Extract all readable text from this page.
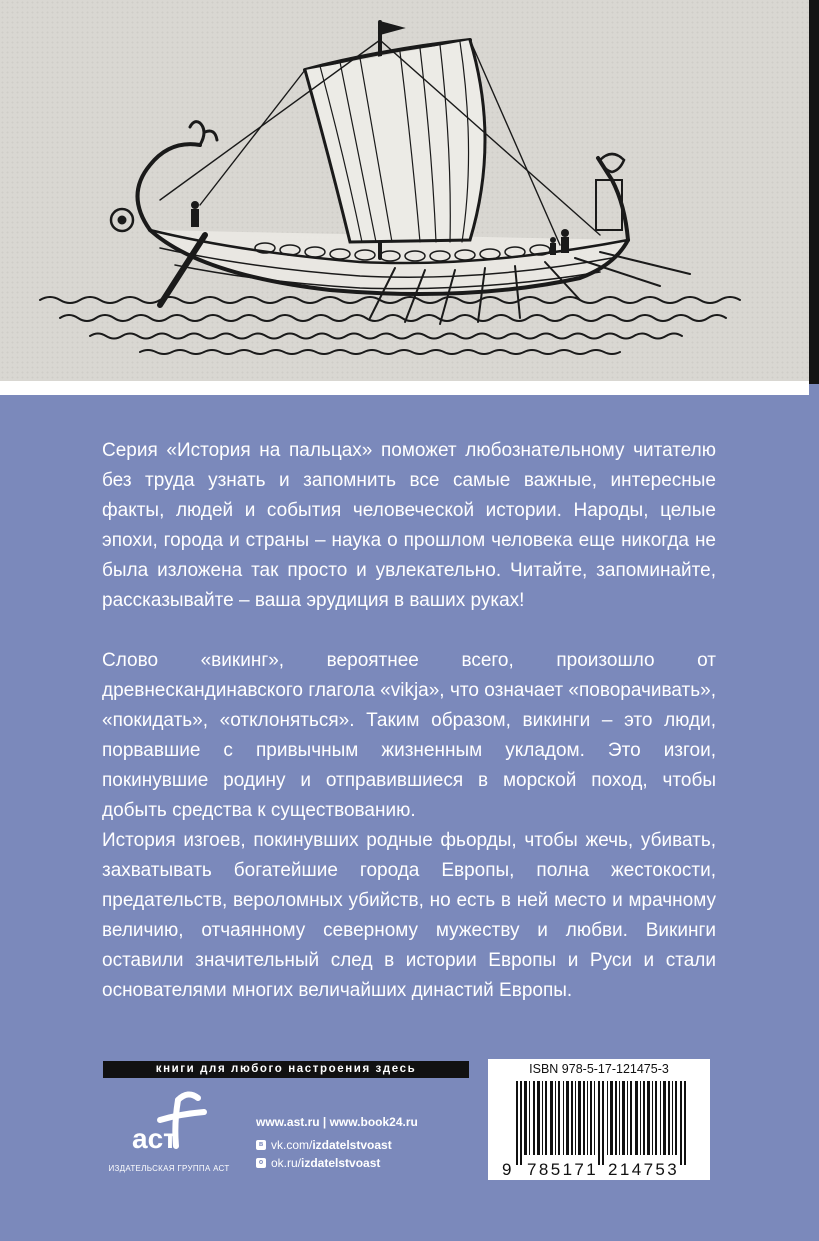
Серия «История на пальцах» поможет любознательному читателю без труда узнать и запомнить все самые важные, интересные факты, людей и события человеческой истории. Народы, целые эпохи, города и страны – наука о прошлом человека еще никогда не была изложена так просто и увлекательно. Читайте, запоминайте, рассказывайте – ваша эрудиция в ваших руках!

Слово «викинг», вероятнее всего, произошло от древнескандинавского глагола «vikja», что означает «поворачивать», «покидать», «отклоняться». Таким образом, викинги – это люди, порвавшие с привычным жизненным укладом. Это изгои, покинувшие родину и отправившиеся в морской поход, чтобы добыть средства к существованию.

История изгоев, покинувших родные фьорды, чтобы жечь, убивать, захватывать богатейшие города Европы, полна жестокости, предательств, вероломных убийств, но есть в ней место и мрачному величию, отчаянному северному мужеству и любви. Викинги оставили значительный след в истории Европы и Руси и стали основателями многих величайших династий Европы.

книги для любого настроения здесь
аст
ИЗДАТЕЛЬСКАЯ ГРУППА АСТ
www.ast.ru | www.book24.ru
в vk.com/izdatelstvoast
о ok.ru/izdatelstvoast
ISBN 978-5-17-121475-3
9 785171 214753
